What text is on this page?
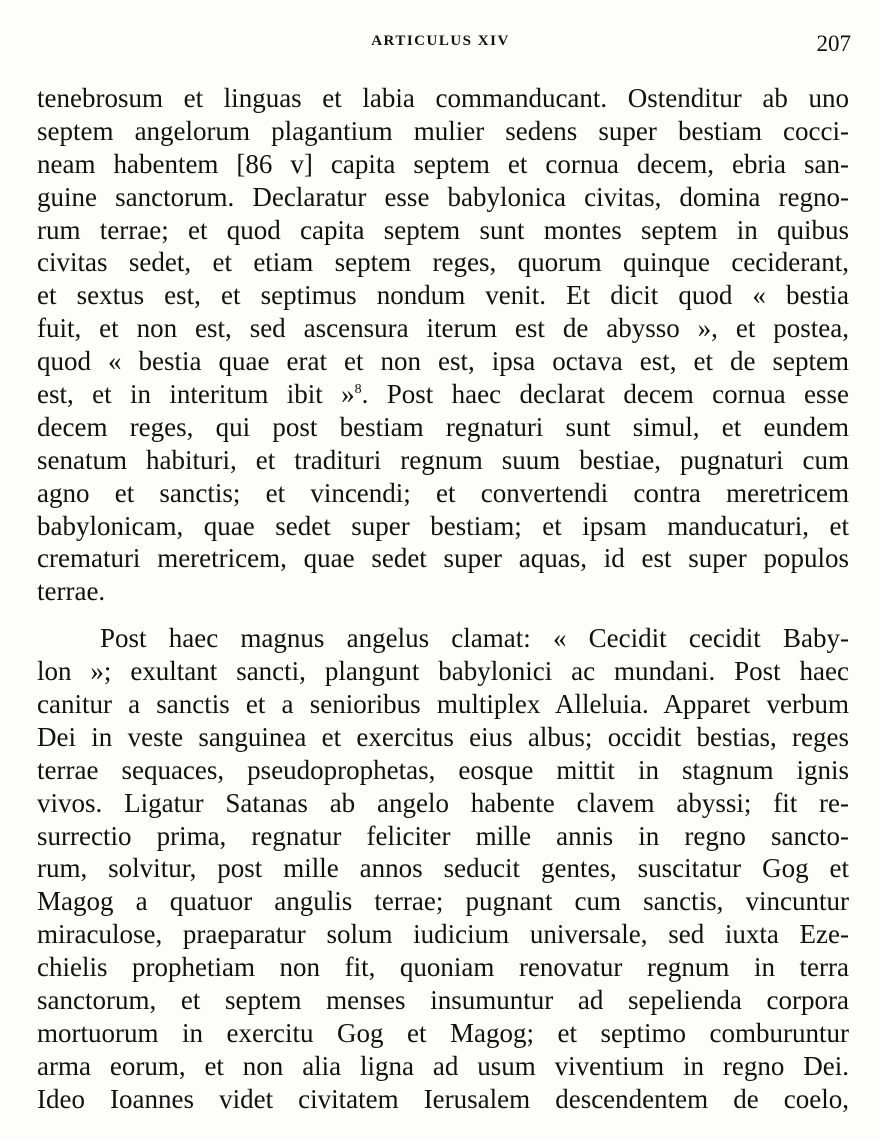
ARTICULUS XIV	207
tenebrosum et linguas et labia commanducant. Ostenditur ab uno
septem angelorum plagantium mulier sedens super bestiam cocci-
neam habentem [86 v] capita septem et cornua decem, ebria san-
guine sanctorum. Declaratur esse babylonica civitas, domina regno-
rum terrae; et quod capita septem sunt montes septem in quibus
civitas sedet, et etiam septem reges, quorum quinque ceciderant,
et sextus est, et septimus nondum venit. Et dicit quod « bestia
fuit, et non est, sed ascensura iterum est de abysso », et postea,
quod « bestia quae erat et non est, ipsa octava est, et de septem
est, et in interitum ibit »$^8$. Post haec declarat decem cornua esse
decem reges, qui post bestiam regnaturi sunt simul, et eundem
senatum habituri, et tradituri regnum suum bestiae, pugnaturi cum
agno et sanctis; et vincendi; et convertendi contra meretricem
babylonicam, quae sedet super bestiam; et ipsam manducaturi, et
crematuri meretricem, quae sedet super aquas, id est super populos
terrae.
Post haec magnus angelus clamat: « Cecidit cecidit Baby-
lon »; exultant sancti, plangunt babylonici ac mundani. Post haec
canitur a sanctis et a senioribus multiplex Alleluia. Apparet verbum
Dei in veste sanguinea et exercitus eius albus; occidit bestias, reges
terrae sequaces, pseudoprophetas, eosque mittit in stagnum ignis
vivos. Ligatur Satanas ab angelo habente clavem abyssi; fit re-
surrectio prima, regnatur feliciter mille annis in regno sancto-
rum, solvitur, post mille annos seducit gentes, suscitatur Gog et
Magog a quatuor angulis terrae; pugnant cum sanctis, vincuntur
miraculose, praeparatur solum iudicium universale, sed iuxta Eze-
chielis prophetiam non fit, quoniam renovatur regnum in terra
sanctorum, et septem menses insumuntur ad sepelienda corpora
mortuorum in exercitu Gog et Magog; et septimo comburuntur
arma eorum, et non alia ligna ad usum viventium in regno Dei.
Ideo Ioannes videt civitatem Ierusalem descendentem de coelo,
